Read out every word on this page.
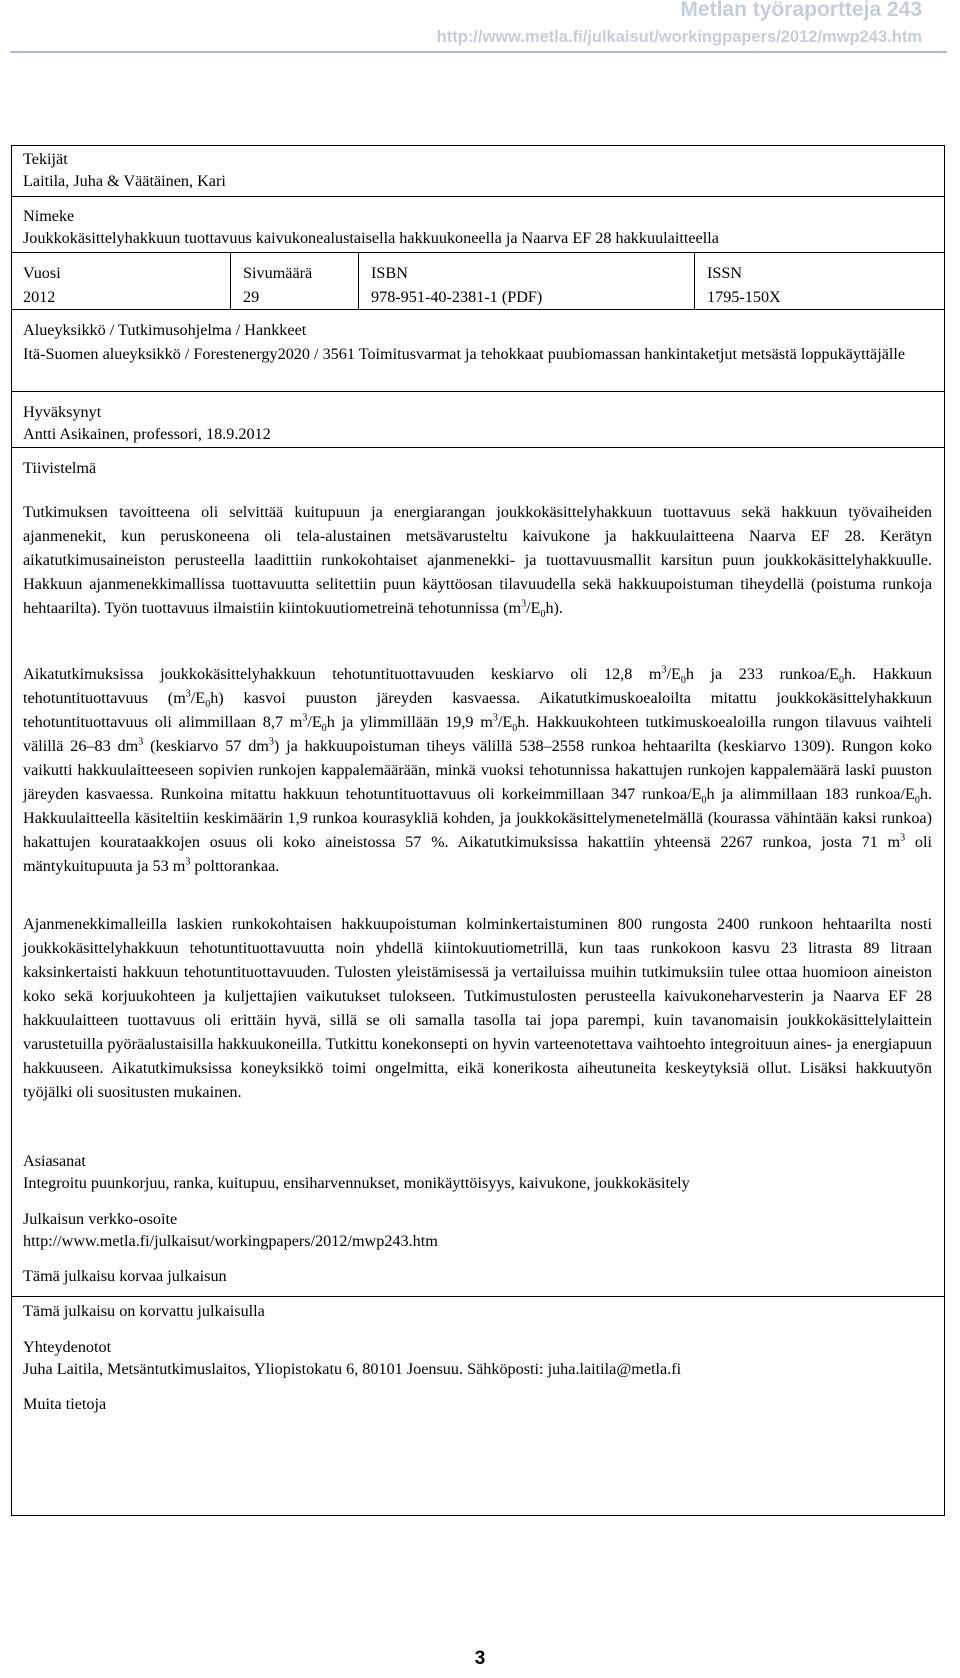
Metlan työraportteja 243
http://www.metla.fi/julkaisut/workingpapers/2012/mwp243.htm
Tekijät
Laitila, Juha & Väätäinen, Kari
Nimeke
Joukkokäsittelyhakkuun tuottavuus kaivukonealustaisella hakkuukoneella ja Naarva EF 28 hakkuulaitteella
Vuosi
2012
Sivumäärä
29
ISBN
978-951-40-2381-1 (PDF)
ISSN
1795-150X
Alueyksikkö / Tutkimusohjelma / Hankkeet
Itä-Suomen alueyksikkö / Forestenergy2020 / 3561 Toimitusvarmat ja tehokkaat puubiomassan hankintaketjut metsästä loppukäyttäjälle
Hyväksynyt
Antti Asikainen, professori, 18.9.2012
Tiivistelmä

Tutkimuksen tavoitteena oli selvittää kuitupuun ja energiarangan joukkokäsittelyhakkuun tuottavuus sekä hakkuun työvaiheiden ajanmenekit, kun peruskoneena oli tela-alustainen metsävarusteltu kaivukone ja hakkuulaitteena Naarva EF 28. Kerätyn aikatutkimusaineiston perusteella laadittiin runkokohtaiset ajanmenekki- ja tuottavuusmallit karsitun puun joukkokäsittelyhakkuulle. Hakkuun ajanmenekkimallissa tuottavuutta selitettiin puun käyttöosan tilavuudella sekä hakkuupoistuman tiheydellä (poistuma runkoja hehtaarilta). Työn tuottavuus ilmaistiin kiintokuutiometreinä tehotunnissa $(m^3/E_0h)$.

Aikatutkimuksissa joukkokäsittelyhakkuun tehotuntituottavuuden keskiarvo oli 12,8 $m^3/E_0h$ ja 233 runkoa/$E_0h$. Hakkuun tehotuntituottavuus $(m^3/E_0h)$ kasvoi puuston järeyden kasvaessa. Aikatutkimuskoealoilta mitattu joukkokäsittelyhakkuun tehotuntituottavuus oli alimmillaan 8,7 $m^3/E_0h$ ja ylimmillään 19,9 $m^3/E_0h$. Hakkuukohteen tutkimuskoealoilla rungon tilavuus vaihteli välillä 26–83 $dm^3$ (keskiarvo 57 $dm^3$) ja hakkuupoistuman tiheys välillä 538–2558 runkoa hehtaarilta (keskiarvo 1309). Rungon koko vaikutti hakkuulaitteeseen sopivien runkojen kappalemäärään, minkä vuoksi tehotunnissa hakattujen runkojen kappalemäärä laski puuston järeyden kasvaessa. Runkoina mitattu hakkuun tehotuntituottavuus oli korkeimmillaan 347 runkoa/$E_0h$ ja alimmillaan 183 runkoa/$E_0h$. Hakkuulaitteella käsiteltiin keskimäärin 1,9 runkoa kourasykliä kohden, ja joukkokäsittelymenetelmällä (kourassa vähintään kaksi runkoa) hakattujen kourataakkojen osuus oli koko aineistossa 57 %. Aikatutkimuksissa hakattiin yhteensä 2267 runkoa, josta 71 $m^3$ oli mäntykuitupuuta ja 53 $m^3$ polttorankaa.

Ajanmenekkimalleilla laskien runkokohtaisen hakkuupoistuman kolminkertaistuminen 800 rungosta 2400 runkoon hehtaarilta nosti joukkokäsittelyhakkuun tehotuntituottavuutta noin yhdellä kiintokuutiometrillä, kun taas runkokoon kasvu 23 litrasta 89 litraan kaksinkertaisti hakkuun tehotuntituottavuuden. Tulosten yleistämisessä ja vertailuissa muihin tutkimuksiin tulee ottaa huomioon aineiston koko sekä korjuukohteen ja kuljettajien vaikutukset tulokseen. Tutkimustulosten perusteella kaivukoneharvesterin ja Naarva EF 28 hakkuulaitteen tuottavuus oli erittäin hyvä, sillä se oli samalla tasolla tai jopa parempi, kuin tavanomaisin joukkokäsittelylaittein varustetuilla pyöräalustaisilla hakkuukoneilla. Tutkittu konekonsepti on hyvin varteenotettava vaihtoehto integroituun aines- ja energiapuun hakkuuseen. Aikatutkimuksissa koneyksikkö toimi ongelmitta, eikä konerikosta aiheutuneita keskeytyksiä ollut. Lisäksi hakkuutyön työjälki oli suositusten mukainen.
Asiasanat
Integroitu puunkorjuu, ranka, kuitupuu, ensiharvennukset, monikäyttöisyys, kaivukone, joukkokäsitely
Julkaisun verkko-osoite
http://www.metla.fi/julkaisut/workingpapers/2012/mwp243.htm
Tämä julkaisu korvaa julkaisun
Tämä julkaisu on korvattu julkaisulla
Yhteydenotot
Juha Laitila, Metsäntutkimuslaitos, Yliopistokatu 6, 80101 Joensuu. Sähköposti: juha.laitila@metla.fi
Muita tietoja
3
